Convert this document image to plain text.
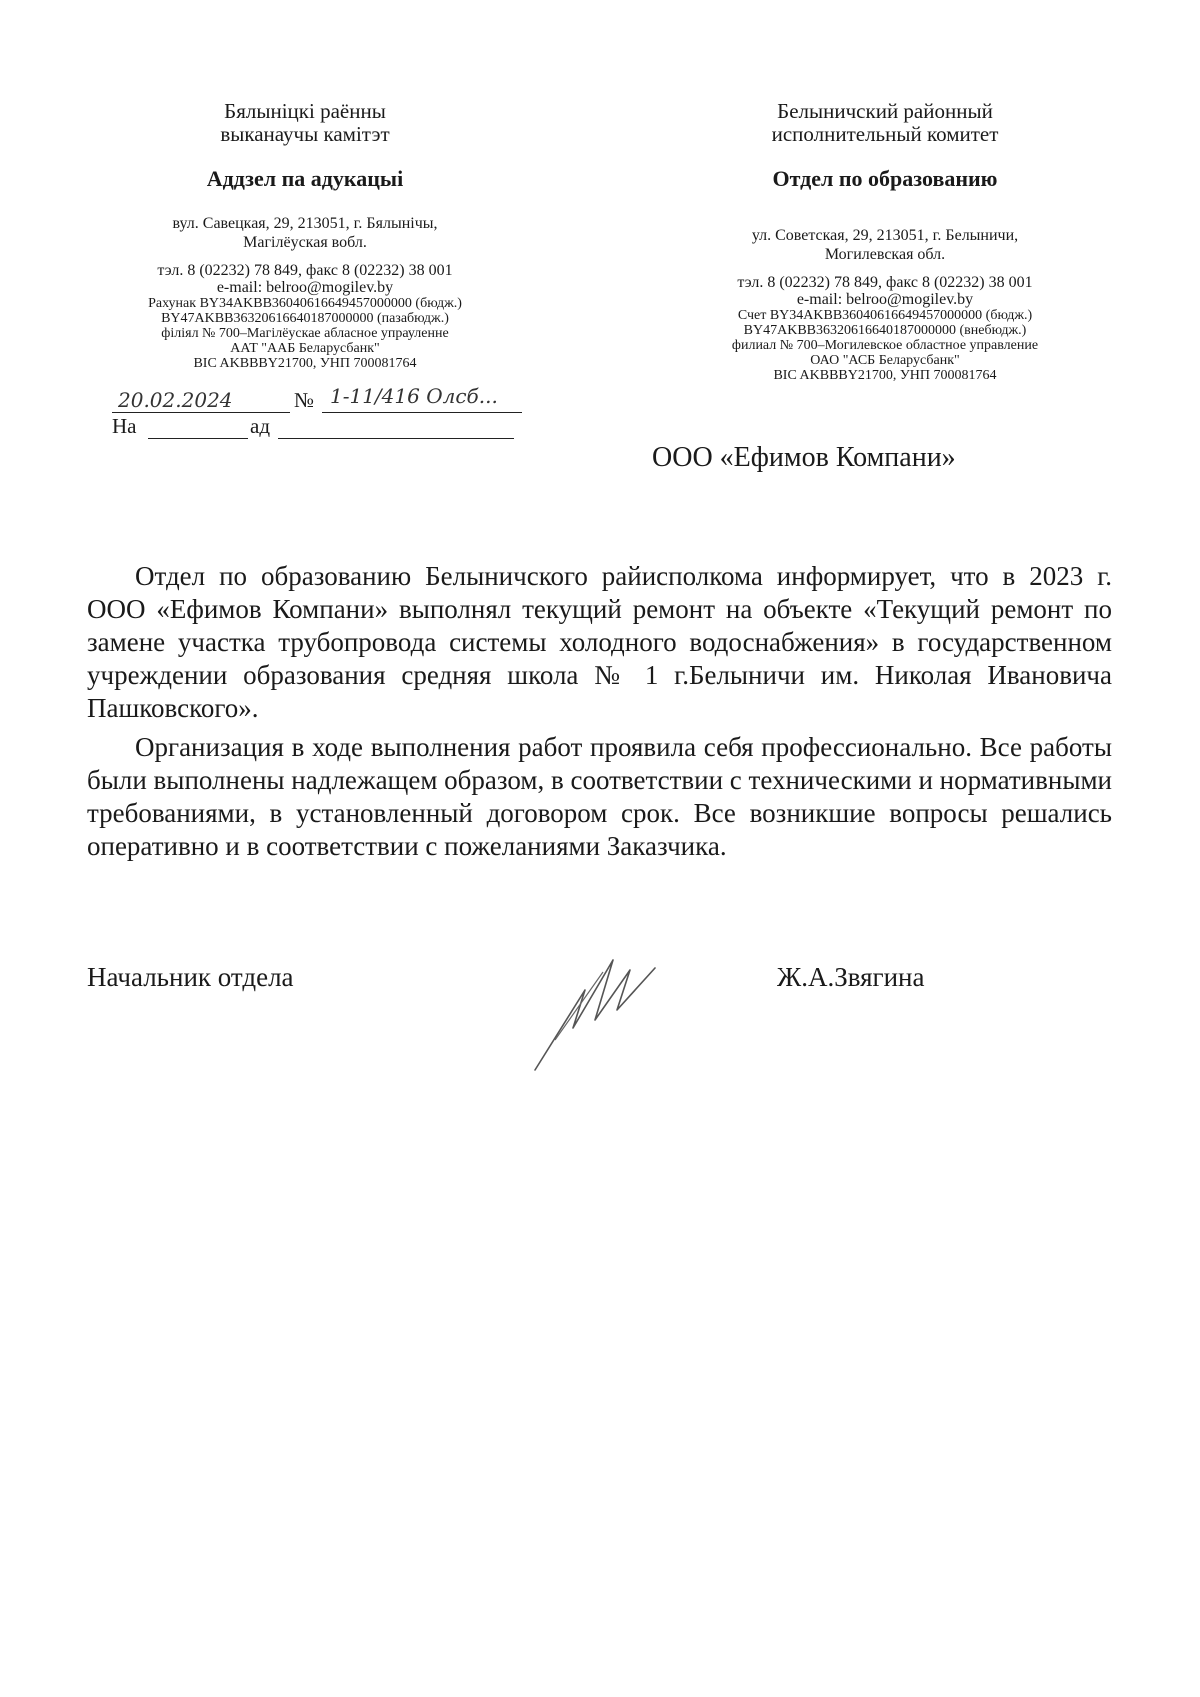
Бялыніцкі раённы
выканаучы камітэт
Аддзел па адукацыі
вул. Савецкая, 29, 213051, г. Бялынічы,
Магілёуская вобл.
тэл. 8 (02232) 78 849, факс 8 (02232) 38 001
e-mail: belroo@mogilev.by
Рахунак BY34AKBB36040616649457000000 (бюдж.)
BY47AKBB36320616640187000000 (пазабюдж.)
філіял № 700–Магілёускае абласное упрауленне
ААТ "ААБ Беларусбанк"
BIC AKBBBY21700, УНП 700081764
Белыничский районный
исполнительный комитет
Отдел по образованию
ул. Советская, 29, 213051, г. Белыничи,
Могилевская обл.
тэл. 8 (02232) 78 849, факс 8 (02232) 38 001
e-mail: belroo@mogilev.by
Счет BY34AKBB36040616649457000000 (бюдж.)
BY47AKBB36320616640187000000 (внебюдж.)
филиал № 700–Могилевское областное управление
ОАО "АСБ Беларусбанк"
BIC AKBBBY21700, УНП 700081764
20.02.2024	№ 1-11/416 Олсб...
На	ад
ООО «Ефимов Компани»

Отдел по образованию Белыничского райисполкома информирует, что в 2023 г. ООО «Ефимов Компани» выполнял текущий ремонт на объекте «Текущий ремонт по замене участка трубопровода системы холодного водоснабжения» в государственном учреждении образования средняя школа № 1 г.Белыничи им. Николая Ивановича Пашковского».

Организация в ходе выполнения работ проявила себя профессионально. Все работы были выполнены надлежащем образом, в соответствии с техническими и нормативными требованиями, в установленный договором срок. Все возникшие вопросы решались оперативно и в соответствии с пожеланиями Заказчика.

Начальник отдела	Ж.А.Звягина
